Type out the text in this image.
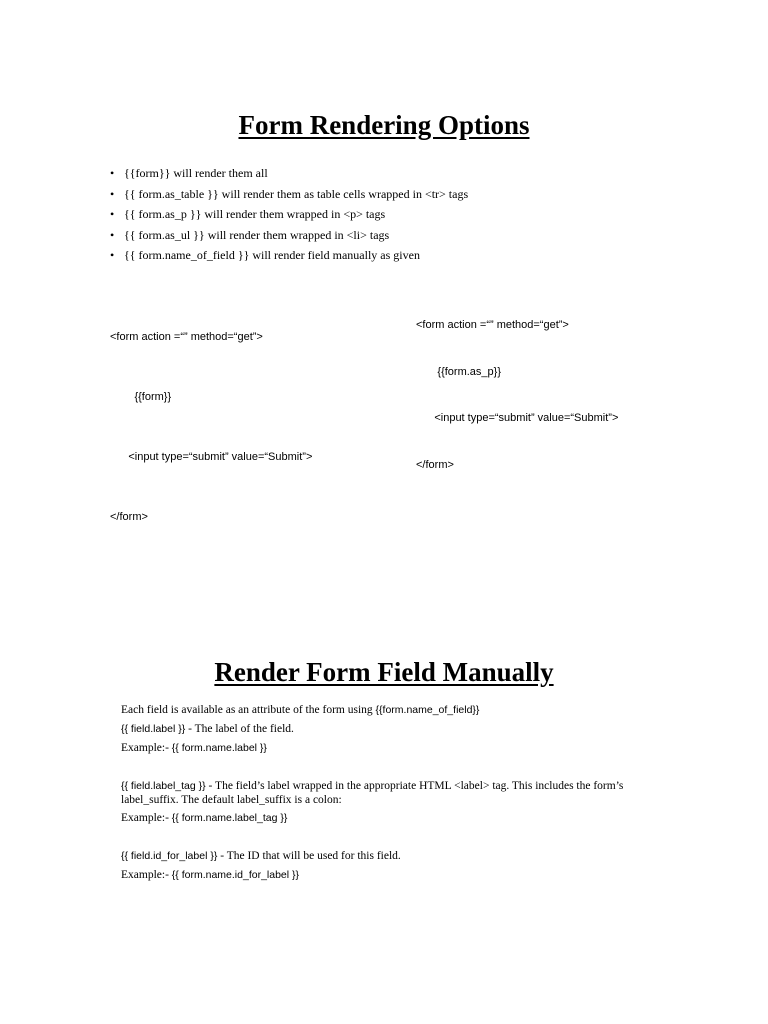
Form Rendering Options
• {{form}} will render them all
• {{ form.as_table }} will render them as table cells wrapped in <tr> tags
• {{ form.as_p }} will render them wrapped in <p> tags
• {{ form.as_ul }} will render them wrapped in <li> tags
• {{ form.name_of_field }} will render field manually as given

<form action =“” method=“get”>

{{form}}

<input type=“submit” value=“Submit”>

</form>

<form action =“” method=“get”>

{{form.as_p}}

<input type=“submit” value=“Submit”>

</form>

Render Form Field Manually
Each field is available as an attribute of the form using {{form.name_of_field}}
{{ field.label }} - The label of the field.
Example:- {{ form.name.label }}
{{ field.label_tag }} - The field’s label wrapped in the appropriate HTML <label> tag. This includes the form’s
label_suffix. The default label_suffix is a colon:
Example:- {{ form.name.label_tag }}
{{ field.id_for_label }} - The ID that will be used for this field.
Example:- {{ form.name.id_for_label }}
